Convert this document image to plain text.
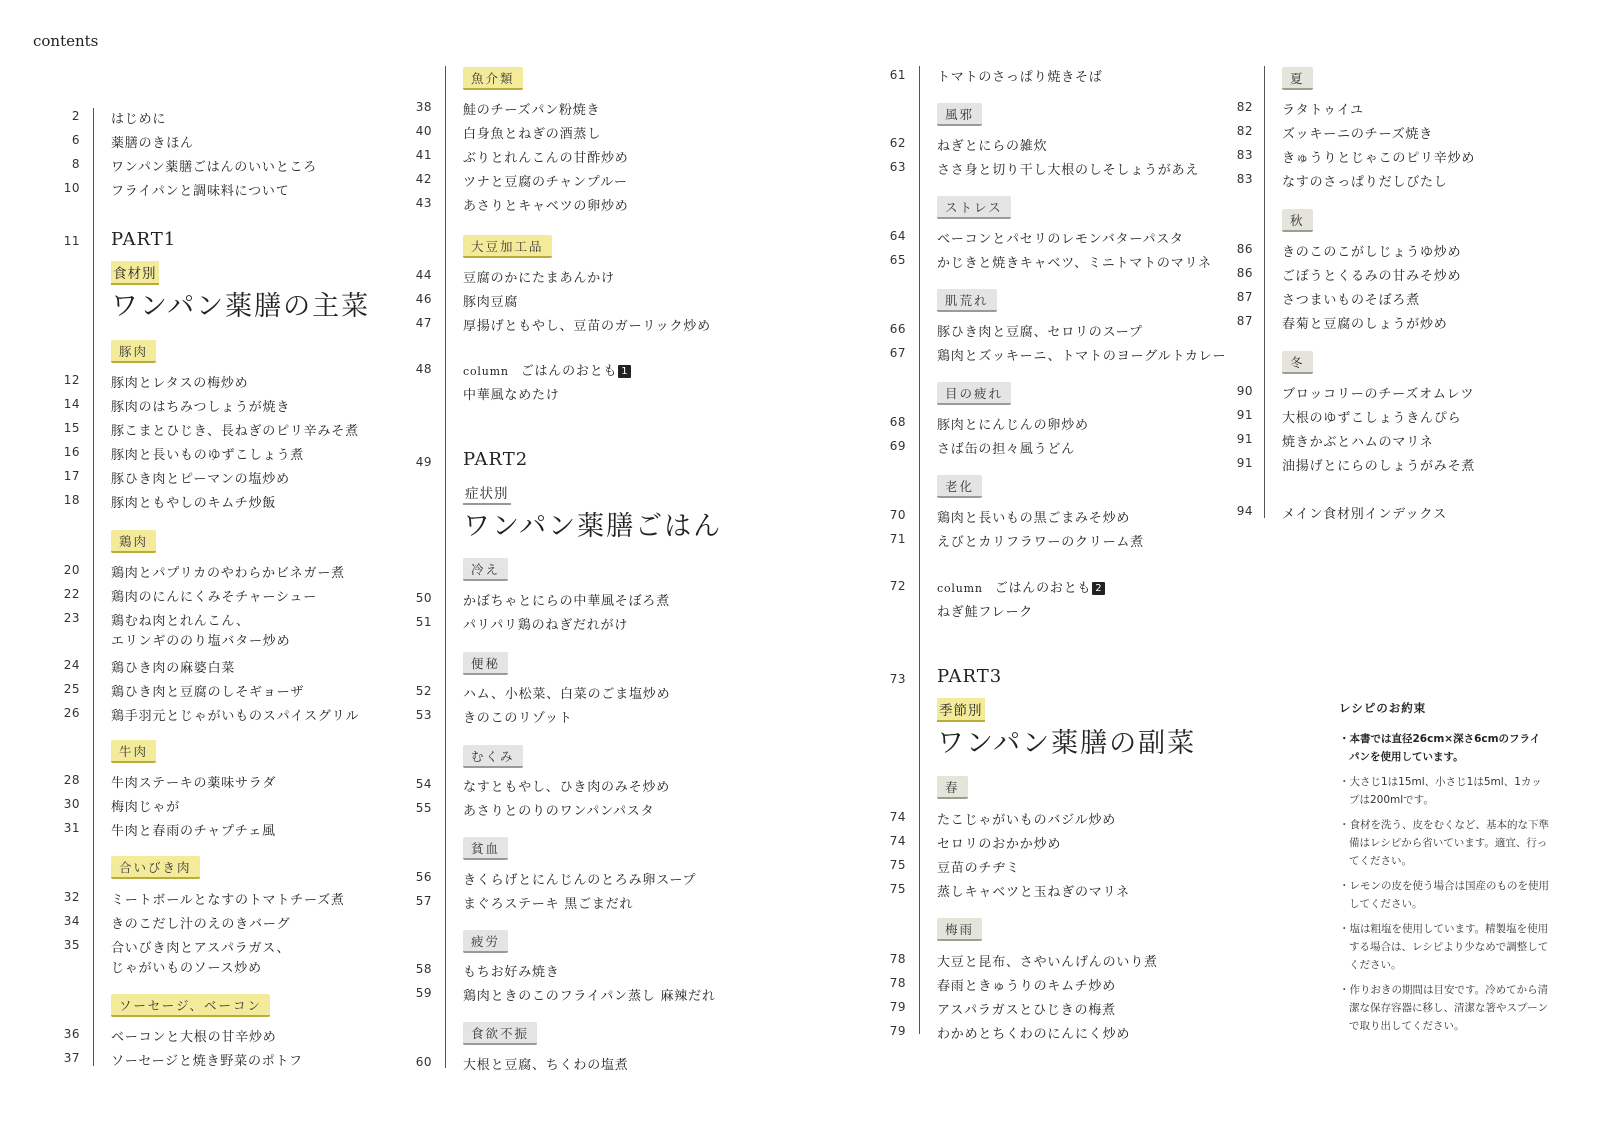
contents
2 はじめに
6 薬膳のきほん
8 ワンパン薬膳ごはんのいいところ
10 フライパンと調味料について
11 PART1
食材別
ワンパン薬膳の主菜
豚肉
12 豚肉とレタスの梅炒め
14 豚肉のはちみつしょうが焼き
15 豚こまとひじき、長ねぎのピリ辛みそ煮
16 豚肉と長いものゆずこしょう煮
17 豚ひき肉とピーマンの塩炒め
18 豚肉ともやしのキムチ炒飯
鶏肉
20 鶏肉とパプリカのやわらかビネガー煮
22 鶏肉のにんにくみそチャーシュー
23 鶏むね肉とれんこん、
エリンギののり塩バター炒め
24 鶏ひき肉の麻婆白菜
25 鶏ひき肉と豆腐のしそギョーザ
26 鶏手羽元とじゃがいものスパイスグリル
牛肉
28 牛肉ステーキの薬味サラダ
30 梅肉じゃが
31 牛肉と春雨のチャプチェ風
合いびき肉
32 ミートボールとなすのトマトチーズ煮
34 きのこだし汁のえのきバーグ
35 合いびき肉とアスパラガス、
じゃがいものソース炒め
ソーセージ、ベーコン
36 ベーコンと大根の甘辛炒め
37 ソーセージと焼き野菜のポトフ
魚介類
38 鮭のチーズパン粉焼き
40 白身魚とねぎの酒蒸し
41 ぶりとれんこんの甘酢炒め
42 ツナと豆腐のチャンプルー
43 あさりとキャベツの卵炒め
大豆加工品
44 豆腐のかにたまあんかけ
46 豚肉豆腐
47 厚揚げともやし、豆苗のガーリック炒め
48	column ごはんのおとも 1
中華風なめたけ
49 PART2
症状別
ワンパン薬膳ごはん
冷え
50 かぼちゃとにらの中華風そぼろ煮
51 パリパリ鶏のねぎだれがけ
便秘
52 ハム、小松菜、白菜のごま塩炒め
53 きのこのリゾット
むくみ
54 なすともやし、ひき肉のみそ炒め
55 あさりとのりのワンパンパスタ
貧血
56 きくらげとにんじんのとろみ卵スープ
57 まぐろステーキ 黒ごまだれ
疲労
58 もちお好み焼き
59 鶏肉ときのこのフライパン蒸し 麻辣だれ
食欲不振
60 大根と豆腐、ちくわの塩煮
61 トマトのさっぱり焼きそば
風邪
62 ねぎとにらの雑炊
63 ささ身と切り干し大根のしそしょうがあえ
ストレス
64 ベーコンとパセリのレモンバターパスタ
65 かじきと焼きキャベツ、ミニトマトのマリネ
肌荒れ
66 豚ひき肉と豆腐、セロリのスープ
67 鶏肉とズッキーニ、トマトのヨーグルトカレー
目の疲れ
68 豚肉とにんじんの卵炒め
69 さば缶の担々風うどん
老化
70 鶏肉と長いもの黒ごまみそ炒め
71 えびとカリフラワーのクリーム煮
72	column ごはんのおとも 2
ねぎ鮭フレーク
73 PART3
季節別
ワンパン薬膳の副菜
春
74 たこじゃがいものバジル炒め
74 セロリのおかか炒め
75 豆苗のチヂミ
75 蒸しキャベツと玉ねぎのマリネ
梅雨
78 大豆と昆布、さやいんげんのいり煮
78 春雨ときゅうりのキムチ炒め
79 アスパラガスとひじきの梅煮
79 わかめとちくわのにんにく炒め
夏
82 ラタトゥイユ
82 ズッキーニのチーズ焼き
83 きゅうりとじゃこのピリ辛炒め
83 なすのさっぱりだしびたし
秋
86 きのこのこがしじょうゆ炒め
86 ごぼうとくるみの甘みそ炒め
87 さつまいものそぼろ煮
87 春菊と豆腐のしょうが炒め
冬
90 ブロッコリーのチーズオムレツ
91 大根のゆずこしょうきんぴら
91 焼きかぶとハムのマリネ
91 油揚げとにらのしょうがみそ煮
94 メイン食材別インデックス
レシピのお約束
・本書では直径26cm×深さ6cmのフライパンを使用しています。
・大さじ1は15ml、小さじ1は5ml、1カップは200mlです。
・食材を洗う、皮をむくなど、基本的な下準備はレシピから省いています。適宜、行ってください。
・レモンの皮を使う場合は国産のものを使用してください。
・塩は粗塩を使用しています。精製塩を使用する場合は、レシピより少なめで調整してください。
・作りおきの期間は目安です。冷めてから清潔な保存容器に移し、清潔な箸やスプーンで取り出してください。
